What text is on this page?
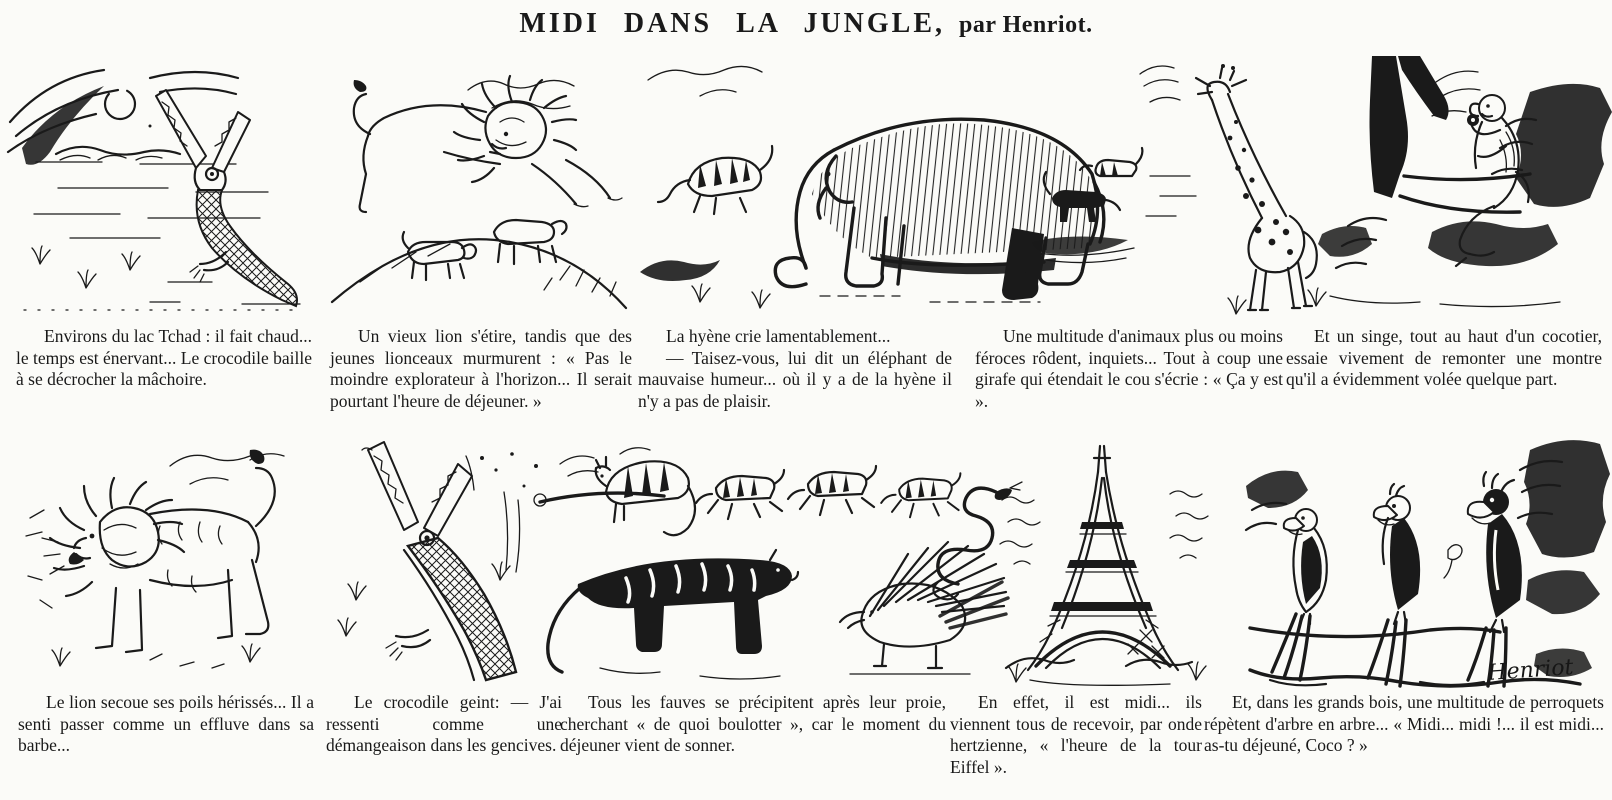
MIDI DANS LA JUNGLE, par Henriot.

Environs du lac Tchad : il fait chaud... le temps est énervant... Le crocodile baille à se décrocher la mâchoire.

Un vieux lion s'étire, tandis que des jeunes lionceaux murmurent : « Pas le moindre explorateur à l'horizon... Il serait pourtant l'heure de déjeuner. »

La hyène crie lamentablement...

— Taisez-vous, lui dit un éléphant de mauvaise humeur... où il y a de la hyène il n'y a pas de plaisir.

Une multitude d'animaux plus ou moins féroces rôdent, inquiets... Tout à coup une girafe qui étendait le cou s'écrie : « Ça y est ».

Et un singe, tout au haut d'un cocotier, essaie vivement de remonter une montre qu'il a évidemment volée quelque part.

Henriot

Le lion secoue ses poils hérissés... Il a senti passer comme un effluve dans sa barbe...

Le crocodile geint: — J'ai ressenti comme une démangeaison dans les gencives.

Tous les fauves se précipitent après leur proie, cherchant « de quoi boulotter », car le moment du déjeuner vient de sonner.

En effet, il est midi... ils viennent tous de recevoir, par onde hertzienne, « l'heure de la tour Eiffel ».

Et, dans les grands bois, une multitude de perroquets répètent d'arbre en arbre... « Midi... midi !... il est midi... as-tu déjeuné, Coco ? »
